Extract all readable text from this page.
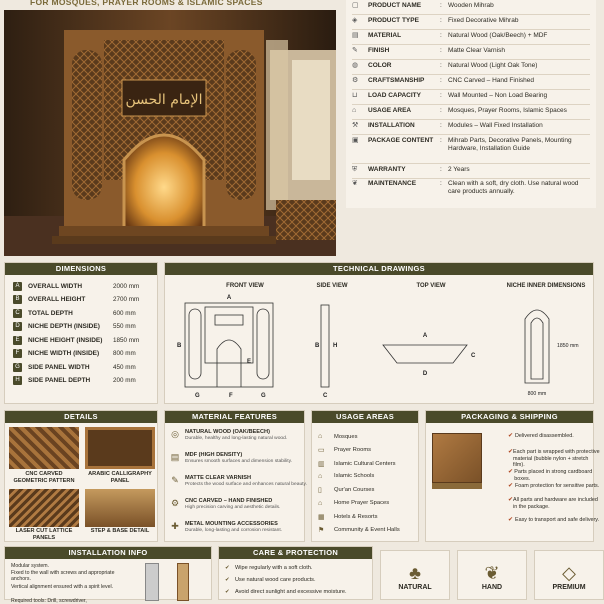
FOR MOSQUES, PRAYER ROOMS & ISLAMIC SPACES
الإمام الحسن
▢	PRODUCT NAME	: Wooden Mihrab
◈	PRODUCT TYPE	: Fixed Decorative Mihrab
▤	MATERIAL	: Natural Wood (Oak/Beech) + MDF
✎	FINISH	: Matte Clear Varnish
◍	COLOR	: Natural Wood (Light Oak Tone)
⚙	CRAFTSMANSHIP	: CNC Carved – Hand Finished
⊔	LOAD CAPACITY	: Wall Mounted – Non Load Bearing
⌂	USAGE AREA	: Mosques, Prayer Rooms, Islamic Spaces
⚒	INSTALLATION	: Modules – Wall Fixed Installation
▣	PACKAGE CONTENT	: Mihrab Parts, Decorative Panels, Mounting Hardware, Installation Guide
⛨	WARRANTY	: 2 Years
❦	MAINTENANCE	: Clean with a soft, dry cloth. Use natural wood care products annually.
DIMENSIONS
A	OVERALL WIDTH	2000 mm
B	OVERALL HEIGHT	2700 mm
C	TOTAL DEPTH	600 mm
D	NICHE DEPTH (INSIDE)	550 mm
E	NICHE HEIGHT (INSIDE)	1850 mm
F	NICHE WIDTH (INSIDE)	800 mm
G	SIDE PANEL WIDTH	450 mm
H	SIDE PANEL DEPTH	200 mm
TECHNICAL DRAWINGS
FRONT VIEW	SIDE VIEW	TOP VIEW	NICHE INNER DIMENSIONS
A
B	B
G	F	G
E
H
C
A
C
D
1850 mm
800 mm
DETAILS
CNC CARVED GEOMETRIC PATTERN
ARABIC CALLIGRAPHY PANEL
LASER CUT LATTICE PANELS
STEP & BASE DETAIL
MATERIAL FEATURES
◎	NATURAL WOOD (OAK/BEECH)
Durable, healthy and long-lasting natural wood.
▤	MDF (HIGH DENSITY)
Ensures smooth surfaces and dimension stability.
✎	MATTE CLEAR VARNISH
Protects the wood surface and enhances natural beauty.
⚙	CNC CARVED – HAND FINISHED
High precision carving and aesthetic details.
✚	METAL MOUNTING ACCESSORIES
Durable, long-lasting and corrosion resistant.
USAGE AREAS
⌂	Mosques
▭	Prayer Rooms
▥	Islamic Cultural Centers
⌂	Islamic Schools
▯	Qur'an Courses
⌂	Home Prayer Spaces
▦	Hotels & Resorts
⚑	Community & Event Halls
PACKAGING & SHIPPING
✔ Delivered disassembled.
✔ Each part is wrapped with protective material (bubble nylon + stretch film).
✔ Parts placed in strong cardboard boxes.
✔ Foam protection for sensitive parts.
✔ All parts and hardware are included in the package.
✔ Easy to transport and safe delivery.
INSTALLATION INFO
Modular system.
Fixed to the wall with screws and appropriate anchors.
Vertical alignment ensured with a spirit level.
Required tools: Drill, screwdriver,
CARE & PROTECTION
✔ Wipe regularly with a soft cloth.
✔ Use natural wood care products.
✔ Avoid direct sunlight and excessive moisture.
♣
NATURAL
❦
HAND
◇
PREMIUM
